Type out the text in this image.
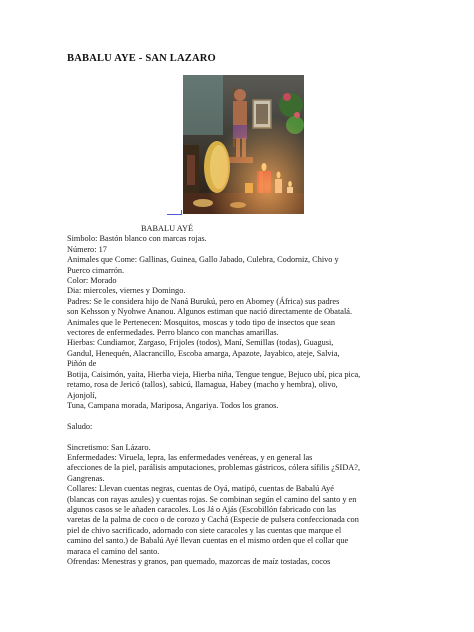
BABALU AYE - SAN LAZARO
BABALU AYÉ
Simbolo: Bastón blanco con marcas rojas.
Número: 17
Animales que Come: Gallinas, Guinea, Gallo Jabado, Culebra, Codorniz, Chivo y
Puerco cimarrón.
Color: Morado
Dia: miercoles, viernes y Domingo.
Padres: Se le considera hijo de Naná Burukú, pero en Abomey (África) sus padres
son Kehsson y Nyohwe Ananou. Algunos estiman que nació directamente de Obatalá.
Animales que le Pertenecen: Mosquitos, moscas y todo tipo de insectos que sean
vectores de enfermedades. Perro blanco con manchas amarillas.
Hierbas: Cundiamor, Zargaso, Frijoles (todos), Maní, Semillas (todas), Guagusi,
Gandul, Henequén, Alacrancillo, Escoba amarga, Apazote, Jayabico, ateje, Salvia,
Piñón de
Botija, Caisimón, yaíta, Hierba vieja, Hierba niña, Tengue tengue, Bejuco ubí, pica pica,
retamo, rosa de Jericó (tallos), sabicú, Ilamagua, Habey (macho y hembra), olivo,
Ajonjolí,
Tuna, Campana morada, Mariposa, Angariya. Todos los granos.
Saludo:
Sincretismo: San Lázaro.
Enfermedades: Viruela, lepra, las enfermedades venéreas, y en general las
afecciones de la piel, parálisis amputaciones, problemas gástricos, cólera sífilis ¿SIDA?,
Gangrenas.
Collares: Llevan cuentas negras, cuentas de Oyá, matipó, cuentas de Babalú Ayé
(blancas con rayas azules) y cuentas rojas. Se combinan según el camino del santo y en
algunos casos se le añaden caracoles. Los Já o Ajás (Escobillón fabricado con las
varetas de la palma de coco o de corozo y Cachá (Especie de pulsera confeccionada con
piel de chivo sacrificado, adornado con siete caracoles y las cuentas que marque el
camino del santo.) de Babalú Ayé llevan cuentas en el mismo orden que el collar que
maraca el camino del santo.
Ofrendas: Menestras y granos, pan quemado, mazorcas de maíz tostadas, cocos
